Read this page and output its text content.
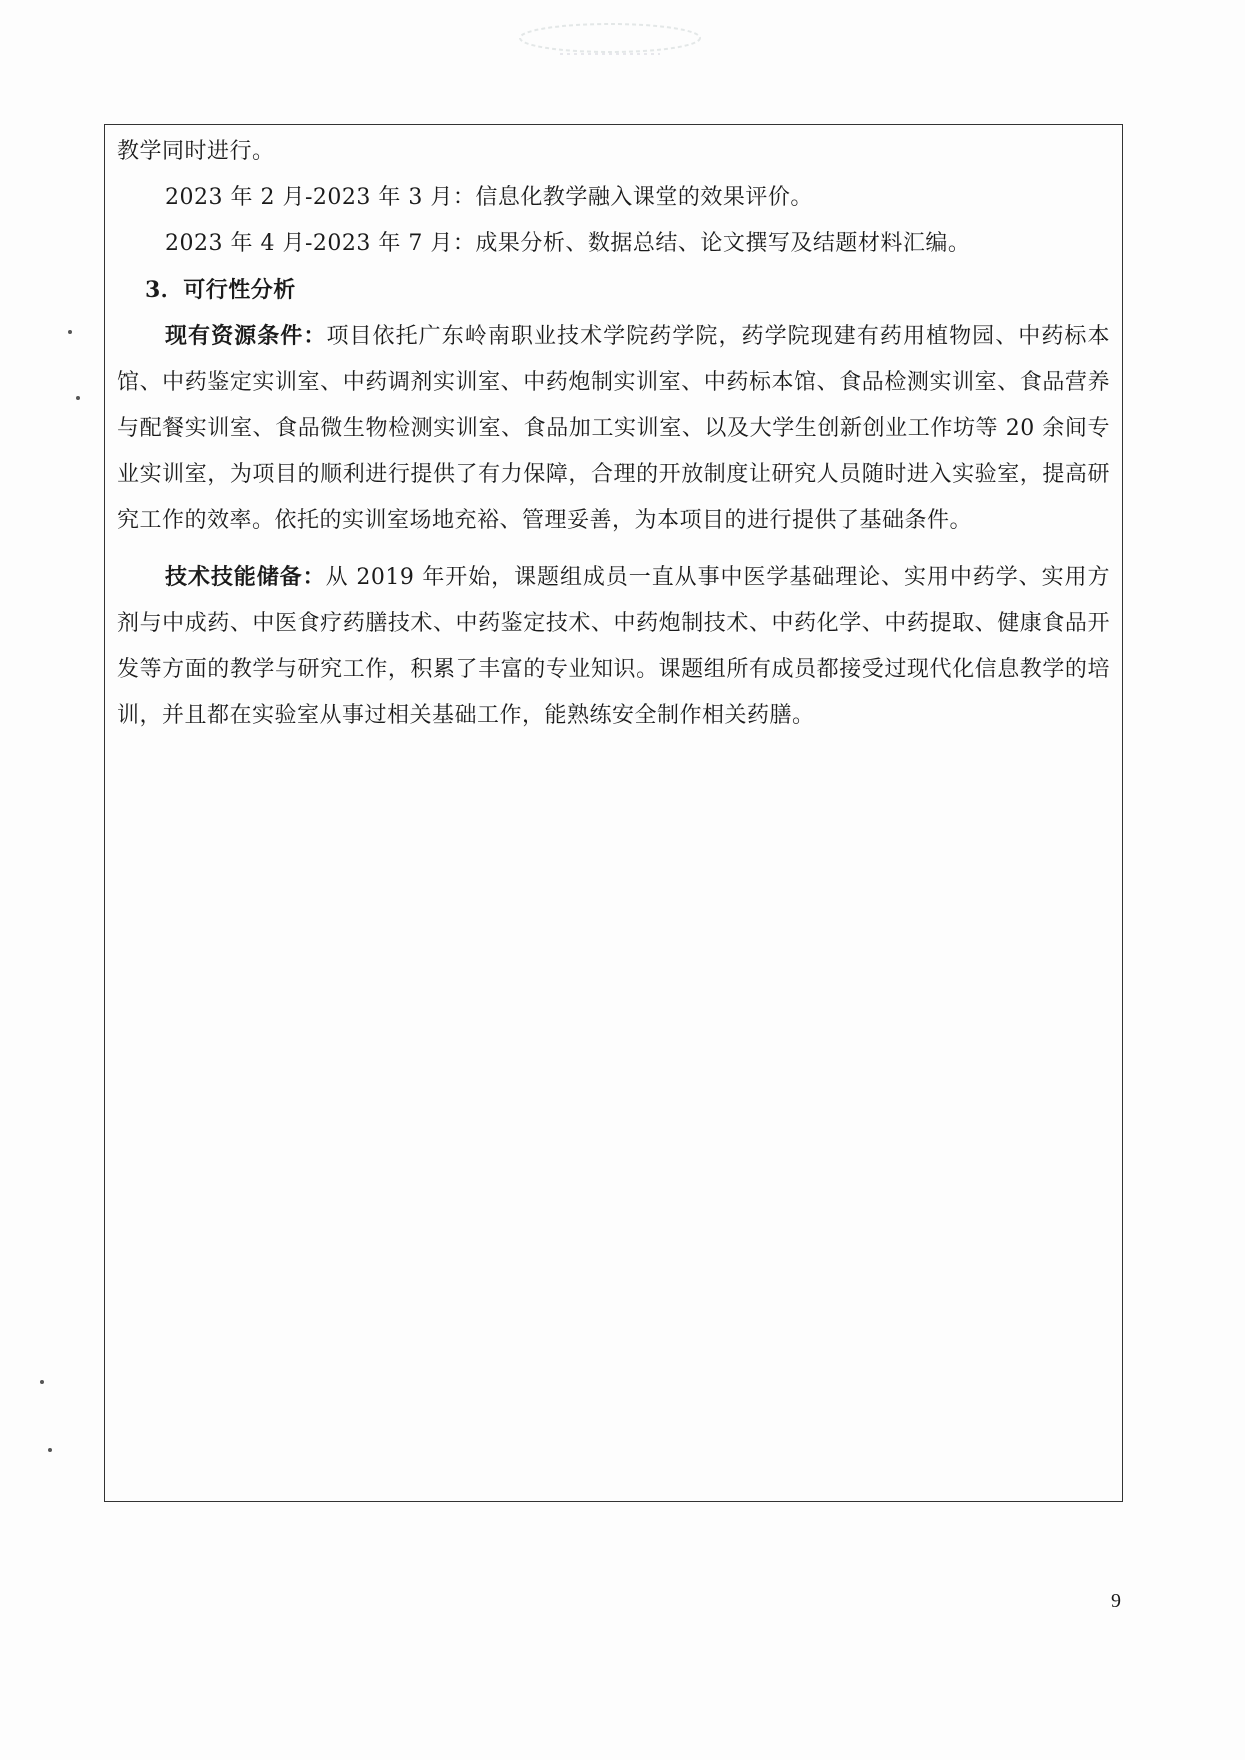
教学同时进行。
2023 年 2 月-2023 年 3 月：信息化教学融入课堂的效果评价。
2023 年 4 月-2023 年 7 月：成果分析、数据总结、论文撰写及结题材料汇编。
3．可行性分析
现有资源条件：项目依托广东岭南职业技术学院药学院，药学院现建有药用植物园、中药标本馆、中药鉴定实训室、中药调剂实训室、中药炮制实训室、中药标本馆、食品检测实训室、食品营养与配餐实训室、食品微生物检测实训室、食品加工实训室、以及大学生创新创业工作坊等 20 余间专业实训室，为项目的顺利进行提供了有力保障，合理的开放制度让研究人员随时进入实验室，提高研究工作的效率。依托的实训室场地充裕、管理妥善，为本项目的进行提供了基础条件。
技术技能储备：从 2019 年开始，课题组成员一直从事中医学基础理论、实用中药学、实用方剂与中成药、中医食疗药膳技术、中药鉴定技术、中药炮制技术、中药化学、中药提取、健康食品开发等方面的教学与研究工作，积累了丰富的专业知识。课题组所有成员都接受过现代化信息教学的培训，并且都在实验室从事过相关基础工作，能熟练安全制作相关药膳。
9
